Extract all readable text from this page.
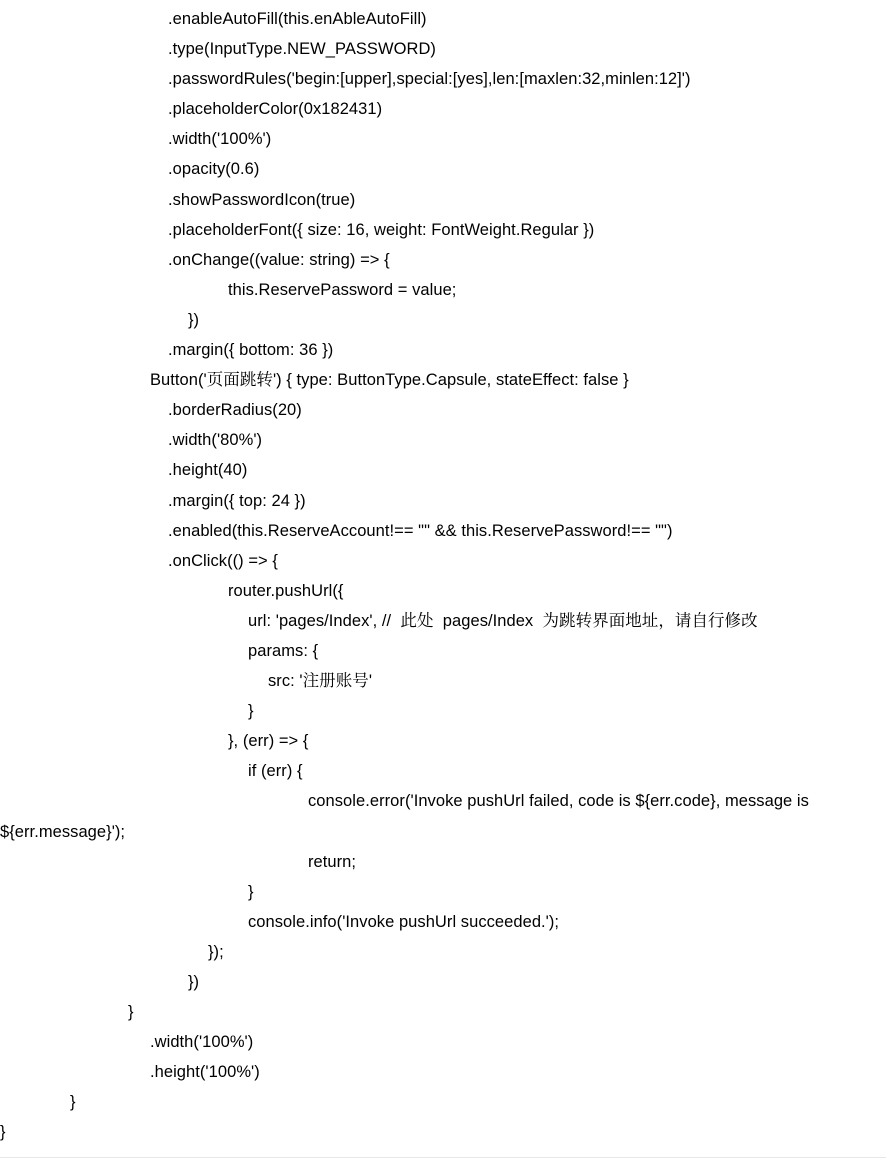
.enableAutoFill(this.enAbleAutoFill)
.type(InputType.NEW_PASSWORD)
.passwordRules('begin:[upper],special:[yes],len:[maxlen:32,minlen:12]')
.placeholderColor(0x182431)
.width('100%')
.opacity(0.6)
.showPasswordIcon(true)
.placeholderFont({ size: 16, weight: FontWeight.Regular })
.onChange((value: string) => {
this.ReservePassword = value;
})
.margin({ bottom: 36 })
Button('页面跳转') { type: ButtonType.Capsule, stateEffect: false }
.borderRadius(20)
.width('80%')
.height(40)
.margin({ top: 24 })
.enabled(this.ReserveAccount!== "" && this.ReservePassword!== "")
.onClick(() => {
router.pushUrl({
url: 'pages/Index', //  此处  pages/Index  为跳转界面地址，请自行修改
params: {
src: '注册账号'
}
}, (err) => {
if (err) {
console.error('Invoke pushUrl failed, code is ${err.code}, message is ${err.message}');
return;
}
console.info('Invoke pushUrl succeeded.');
});
})
}
.width('100%')
.height('100%')
}
}
